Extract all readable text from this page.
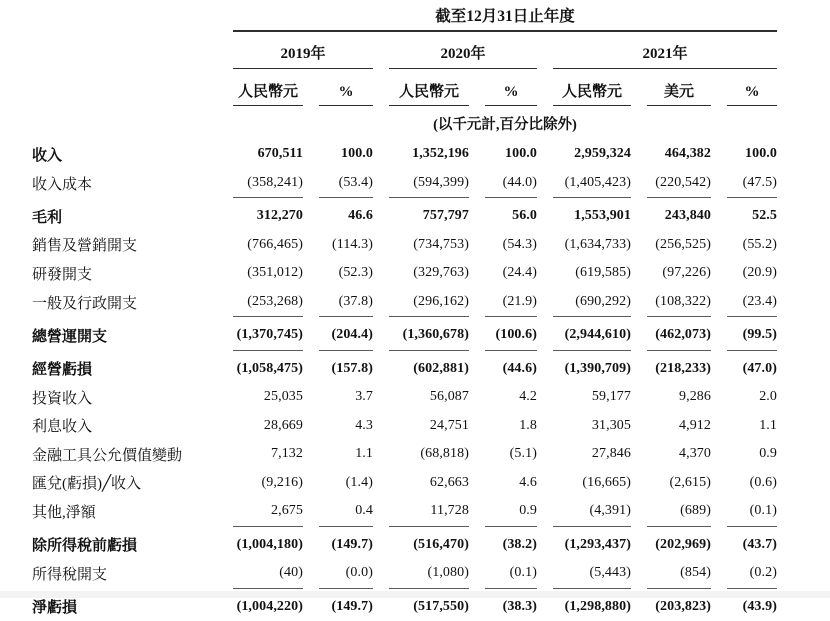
	截至12月31日止年度						
	2019年		2020年		2021年		
	人民幣元	%	人民幣元	%	人民幣元	美元	%
	(以千元計,百分比除外)						
收入	670,511	100.0	1,352,196	100.0	2,959,324	464,382	100.0
收入成本	(358,241)	(53.4)	(594,399)	(44.0)	(1,405,423)	(220,542)	(47.5)
毛利	312,270	46.6	757,797	56.0	1,553,901	243,840	52.5
銷售及營銷開支	(766,465)	(114.3)	(734,753)	(54.3)	(1,634,733)	(256,525)	(55.2)
研發開支	(351,012)	(52.3)	(329,763)	(24.4)	(619,585)	(97,226)	(20.9)
一般及行政開支	(253,268)	(37.8)	(296,162)	(21.9)	(690,292)	(108,322)	(23.4)
總營運開支	(1,370,745)	(204.4)	(1,360,678)	(100.6)	(2,944,610)	(462,073)	(99.5)
經營虧損	(1,058,475)	(157.8)	(602,881)	(44.6)	(1,390,709)	(218,233)	(47.0)
投資收入	25,035	3.7	56,087	4.2	59,177	9,286	2.0
利息收入	28,669	4.3	24,751	1.8	31,305	4,912	1.1
金融工具公允價值變動	7,132	1.1	(68,818)	(5.1)	27,846	4,370	0.9
匯兌(虧損)╱收入	(9,216)	(1.4)	62,663	4.6	(16,665)	(2,615)	(0.6)
其他,淨額	2,675	0.4	11,728	0.9	(4,391)	(689)	(0.1)
除所得稅前虧損	(1,004,180)	(149.7)	(516,470)	(38.2)	(1,293,437)	(202,969)	(43.7)
所得稅開支	(40)	(0.0)	(1,080)	(0.1)	(5,443)	(854)	(0.2)
淨虧損	(1,004,220)	(149.7)	(517,550)	(38.3)	(1,298,880)	(203,823)	(43.9)
